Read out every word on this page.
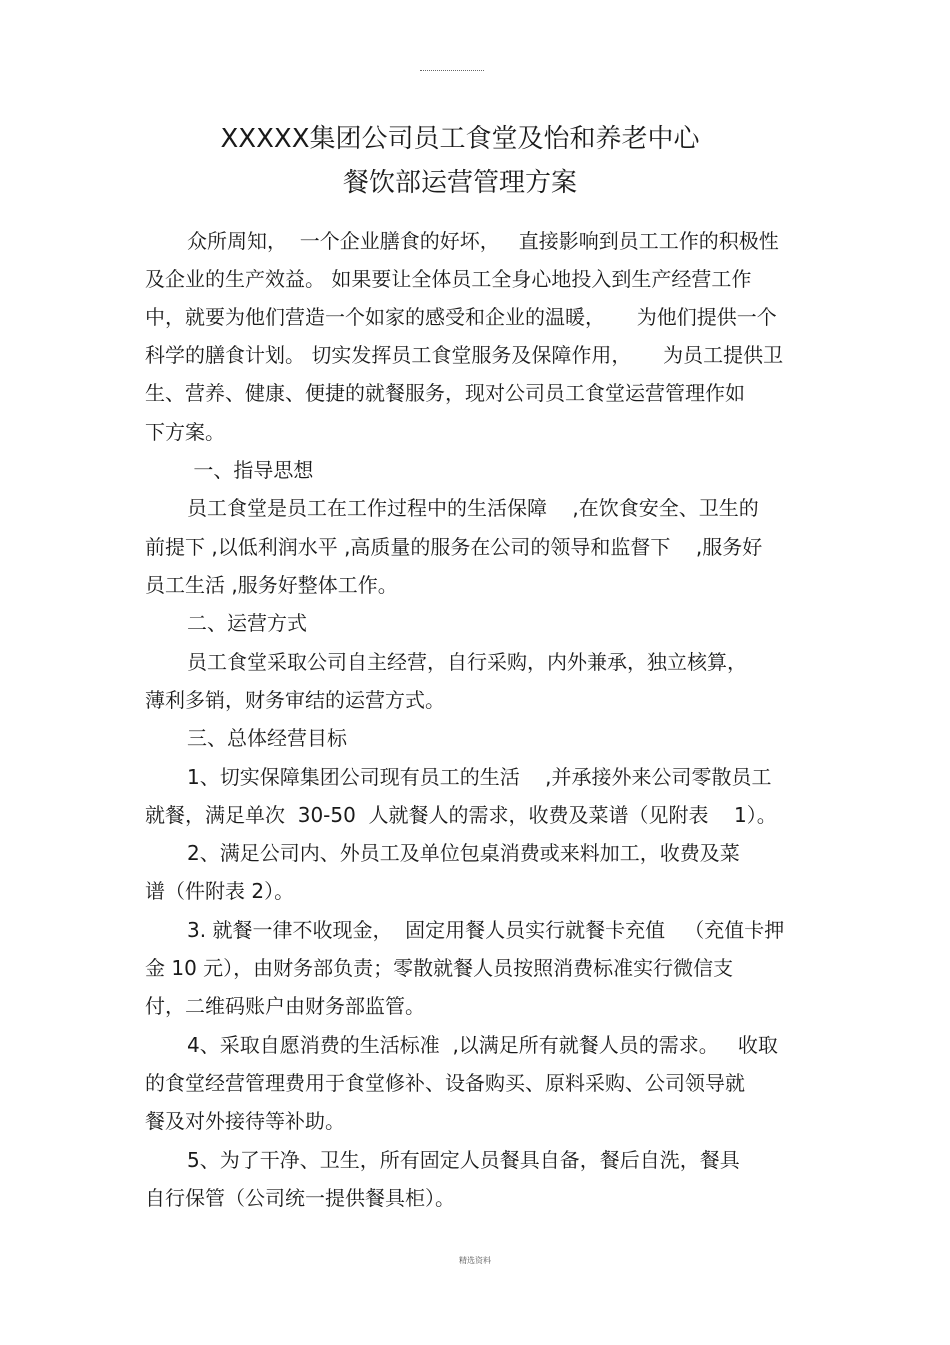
XXXXX集团公司员工食堂及怡和养老中心
餐饮部运营管理方案
众所周知，  一个企业膳食的好坏，   直接影响到员工工作的积极性
及企业的生产效益。 如果要让全体员工全身心地投入到生产经营工作
中，就要为他们营造一个如家的感受和企业的温暖，     为他们提供一个
科学的膳食计划。 切实发挥员工食堂服务及保障作用，     为员工提供卫
生、营养、健康、便捷的就餐服务，现对公司员工食堂运营管理作如
下方案。
一、指导思想
员工食堂是员工在工作过程中的生活保障    ,在饮食安全、卫生的
前提下 ,以低利润水平 ,高质量的服务在公司的领导和监督下    ,服务好
员工生活 ,服务好整体工作。
二、运营方式
员工食堂采取公司自主经营，自行采购，内外兼承，独立核算，
薄利多销，财务审结的运营方式。
三、总体经营目标
1、切实保障集团公司现有员工的生活    ,并承接外来公司零散员工
就餐，满足单次  30-50  人就餐人的需求，收费及菜谱（见附表    1）。
2、满足公司内、外员工及单位包桌消费或来料加工，收费及菜
谱（件附表 2）。
3. 就餐一律不收现金，  固定用餐人员实行就餐卡充值   （充值卡押
金 10 元），由财务部负责；零散就餐人员按照消费标准实行微信支
付，二维码账户由财务部监管。
4、采取自愿消费的生活标准  ,以满足所有就餐人员的需求。   收取
的食堂经营管理费用于食堂修补、设备购买、原料采购、公司领导就
餐及对外接待等补助。
5、为了干净、卫生，所有固定人员餐具自备，餐后自洗，餐具
自行保管（公司统一提供餐具柜）。
精选资料
